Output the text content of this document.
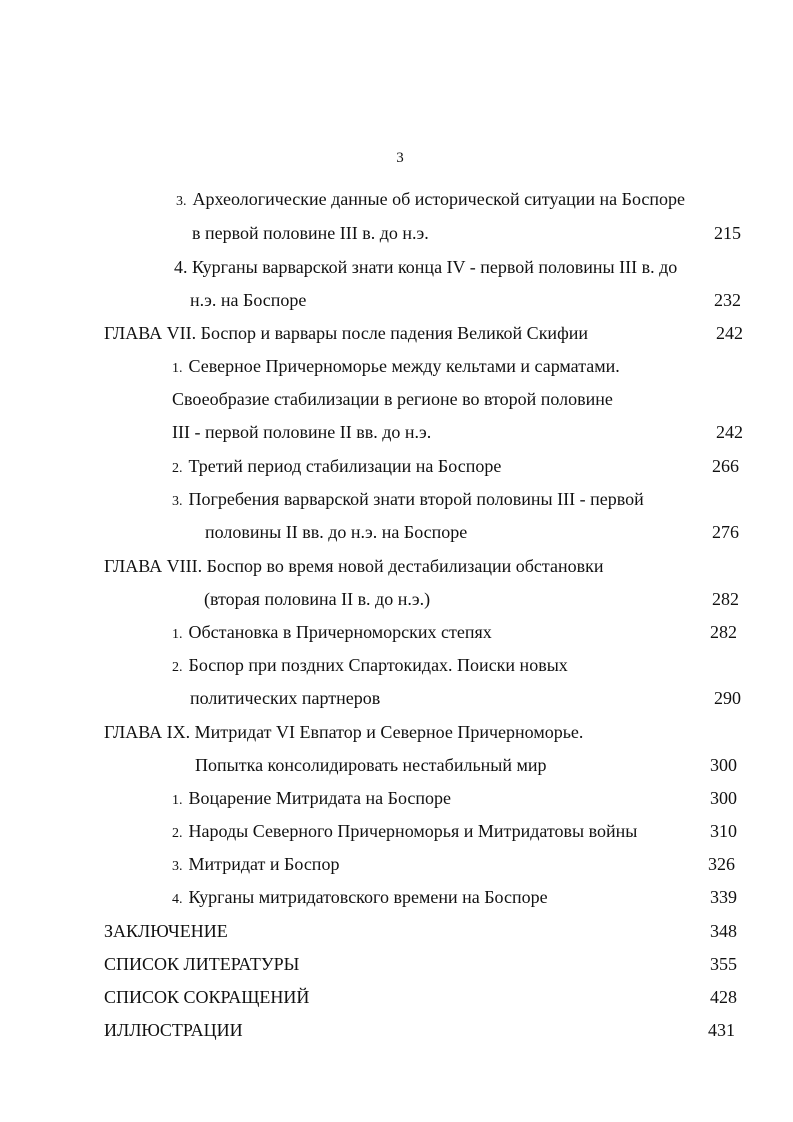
3
3. Археологические данные об исторической ситуации на Боспоре
в первой половине III в. до н.э.	215
4. Курганы варварской знати конца IV - первой половины III в. до
н.э. на Боспоре	232
ГЛАВА VII. Боспор и варвары после падения Великой Скифии	242
1. Северное Причерноморье между кельтами и сарматами.
Своеобразие стабилизации в регионе во второй половине
III - первой половине II вв. до н.э.	242
2. Третий период стабилизации на Боспоре	266
3. Погребения варварской знати второй половины III - первой
половины II вв. до н.э. на Боспоре	276
ГЛАВА VIII. Боспор во время новой дестабилизации обстановки
(вторая половина II в. до н.э.)	282
1. Обстановка в Причерноморских степях	282
2. Боспор при поздних Спартокидах. Поиски новых
политических партнеров	290
ГЛАВА IX. Митридат VI Евпатор и Северное Причерноморье.
Попытка консолидировать нестабильный мир	300
1. Воцарение Митридата на Боспоре	300
2. Народы Северного Причерноморья и Митридатовы войны	310
3. Митридат и Боспор	326
4. Курганы митридатовского времени на Боспоре	339
ЗАКЛЮЧЕНИЕ	348
СПИСОК ЛИТЕРАТУРЫ	355
СПИСОК СОКРАЩЕНИЙ	428
ИЛЛЮСТРАЦИИ	431
